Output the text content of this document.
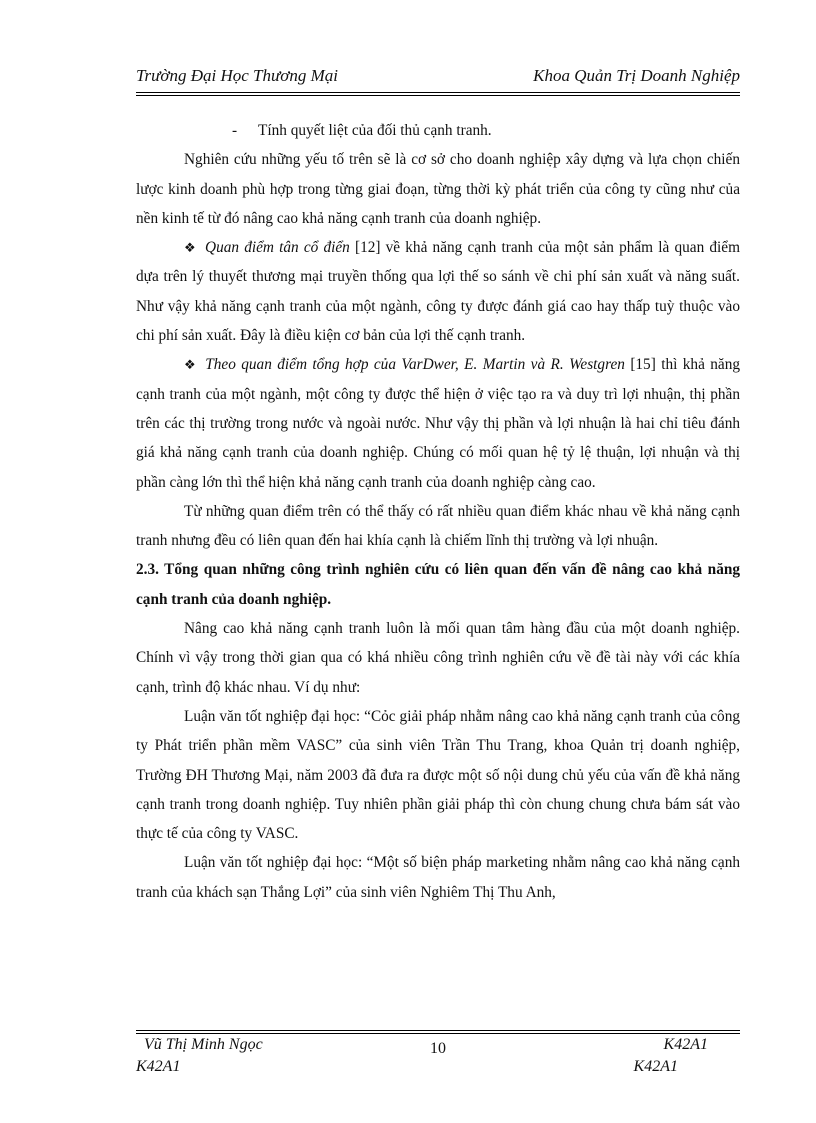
Trường Đại Học Thương Mại	Khoa Quản Trị Doanh Nghiệp

- Tính quyết liệt của đối thủ cạnh tranh.

Nghiên cứu những yếu tố trên sẽ là cơ sở cho doanh nghiệp xây dựng và lựa chọn chiến lược kinh doanh phù hợp trong từng giai đoạn, từng thời kỳ phát triển của công ty cũng như của nền kinh tế từ đó nâng cao khả năng cạnh tranh của doanh nghiệp.

❖ Quan điểm tân cổ điển [12] về khả năng cạnh tranh của một sản phẩm là quan điểm dựa trên lý thuyết thương mại truyền thống qua lợi thế so sánh về chi phí sản xuất và năng suất. Như vậy khả năng cạnh tranh của một ngành, công ty được đánh giá cao hay thấp tuỳ thuộc vào chi phí sản xuất. Đây là điều kiện cơ bản của lợi thế cạnh tranh.

❖ Theo quan điểm tổng hợp của VarDwer, E. Martin và R. Westgren [15] thì khả năng cạnh tranh của một ngành, một công ty được thể hiện ở việc tạo ra và duy trì lợi nhuận, thị phần trên các thị trường trong nước và ngoài nước. Như vậy thị phần và lợi nhuận là hai chỉ tiêu đánh giá khả năng cạnh tranh của doanh nghiệp. Chúng có mối quan hệ tỷ lệ thuận, lợi nhuận và thị phần càng lớn thì thể hiện khả năng cạnh tranh của doanh nghiệp càng cao.

Từ những quan điểm trên có thể thấy có rất nhiều quan điểm khác nhau về khả năng cạnh tranh nhưng đều có liên quan đến hai khía cạnh là chiếm lĩnh thị trường và lợi nhuận.

2.3. Tổng quan những công trình nghiên cứu có liên quan đến vấn đề nâng cao khả năng cạnh tranh của doanh nghiệp.

Nâng cao khả năng cạnh tranh luôn là mối quan tâm hàng đầu của một doanh nghiệp. Chính vì vậy trong thời gian qua có khá nhiều công trình nghiên cứu về đề tài này với các khía cạnh, trình độ khác nhau. Ví dụ như:

Luận văn tốt nghiệp đại học: “Cỏc giải pháp nhằm nâng cao khả năng cạnh tranh của công ty Phát triển phần mềm VASC” của sinh viên Trần Thu Trang, khoa Quản trị doanh nghiệp, Trường ĐH Thương Mại, năm 2003 đã đưa ra được một số nội dung chủ yếu của vấn đề khả năng cạnh tranh trong doanh nghiệp. Tuy nhiên phần giải pháp thì còn chung chung chưa bám sát vào thực tế của công ty VASC.

Luận văn tốt nghiệp đại học: “Một số biện pháp marketing nhằm nâng cao khả năng cạnh tranh của khách sạn Thắng Lợi” của sinh viên Nghiêm Thị Thu Anh,

Vũ Thị Minh Ngọc	10	K42A1
K42A1	K42A1
